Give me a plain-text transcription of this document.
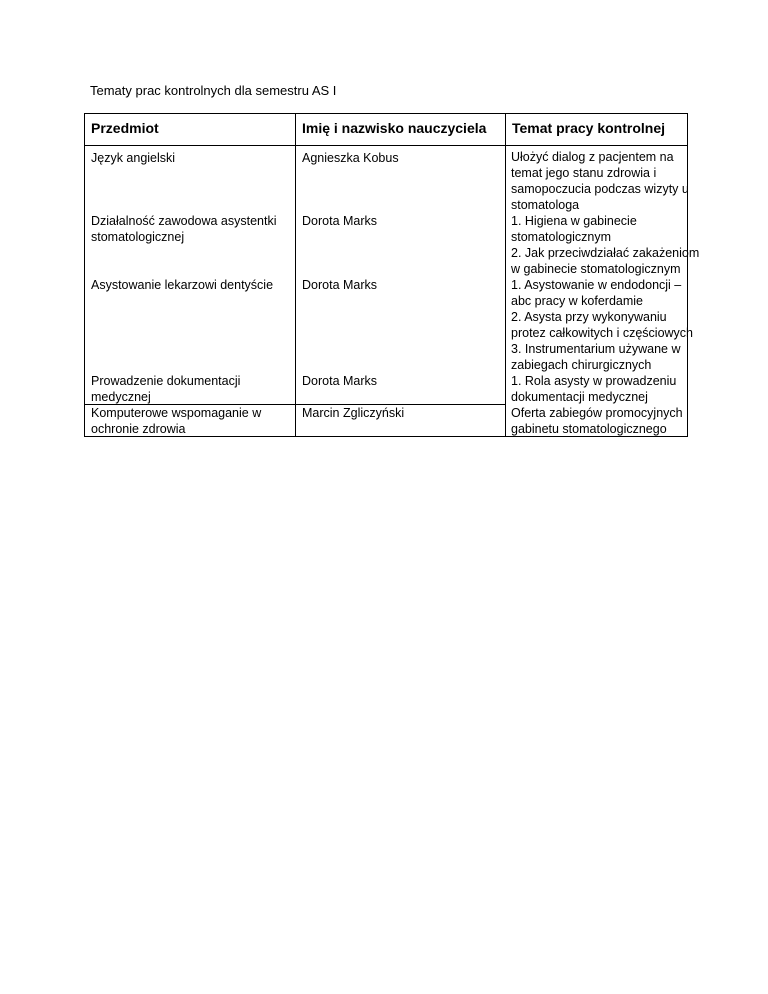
Tematy prac kontrolnych dla semestru AS I
Przedmiot	Imię i nazwisko nauczyciela	Temat pracy kontrolnej
Język angielski
Działalność zawodowa asystentki
stomatologicznej
Asystowanie lekarzowi dentyście
Prowadzenie dokumentacji
medycznej
Komputerowe wspomaganie w
ochronie zdrowia
Agnieszka Kobus
Dorota Marks
Dorota Marks
Dorota Marks
Marcin Zgliczyński
Ułożyć dialog z pacjentem na
temat jego stanu zdrowia i
samopoczucia podczas wizyty u
stomatologa
1. Higiena w gabinecie
stomatologicznym
2. Jak przeciwdziałać zakażeniom
w gabinecie stomatologicznym
1. Asystowanie w endodoncji –
abc pracy w koferdamie
2. Asysta przy wykonywaniu
protez całkowitych i częściowych
3. Instrumentarium używane w
zabiegach chirurgicznych
1. Rola asysty w prowadzeniu
dokumentacji medycznej
Oferta zabiegów promocyjnych
gabinetu stomatologicznego
